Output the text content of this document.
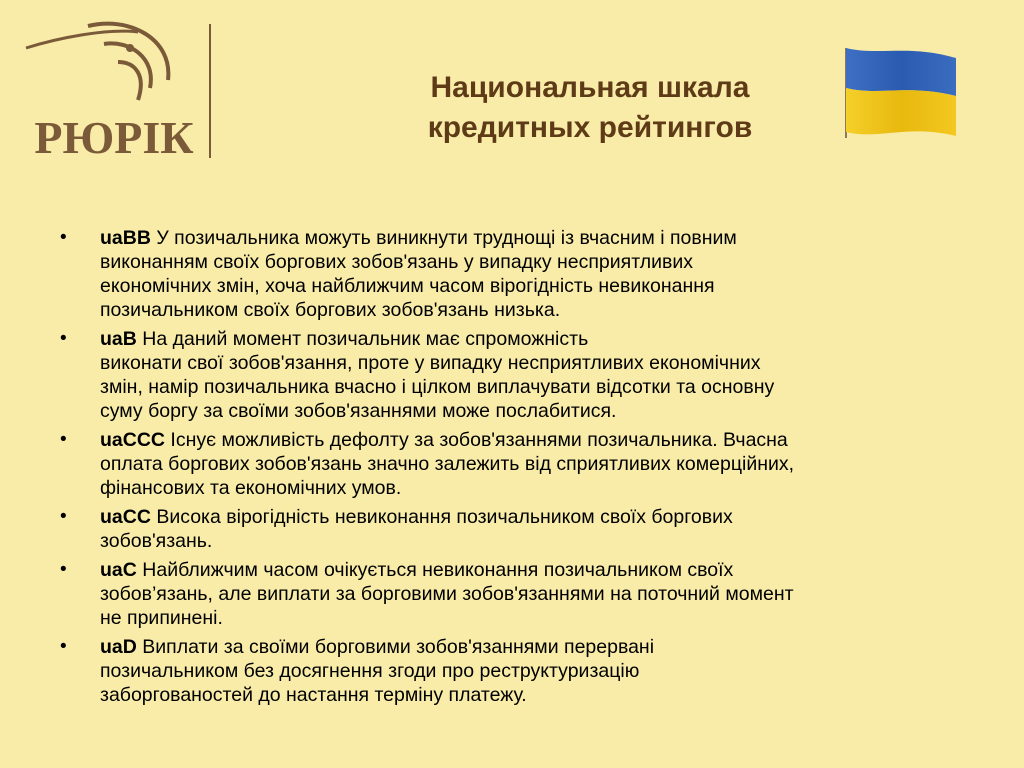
РЮРІК
Национальная шкала
кредитных рейтингов
• uaBB У позичальника можуть виникнути труднощі із вчасним і повним
виконанням своїх боргових зобов'язань у випадку несприятливих
економічних змін, хоча найближчим часом вірогідність невиконання
позичальником своїх боргових зобов'язань низька.
• uaB На даний момент позичальник має спроможність
виконати свої зобов'язання, проте у випадку несприятливих економічних
змін, намір позичальника вчасно і цілком виплачувати відсотки та основну
суму боргу за своїми зобов'язаннями може послабитися.
• uaCCC Існує можливість дефолту за зобов'язаннями позичальника. Вчасна
оплата боргових зобов'язань значно залежить від сприятливих комерційних,
фінансових та економічних умов.
• uaCC Висока вірогідність невиконання позичальником своїх боргових
зобов'язань.
• uaC Найближчим часом очікується невиконання позичальником своїх
зобов’язань, але виплати за борговими зобов'язаннями на поточний момент
не припинені.
• uaD Виплати за своїми борговими зобов'язаннями перервані
позичальником без досягнення згоди про реструктуризацію
заборгованостей до настання терміну платежу.
